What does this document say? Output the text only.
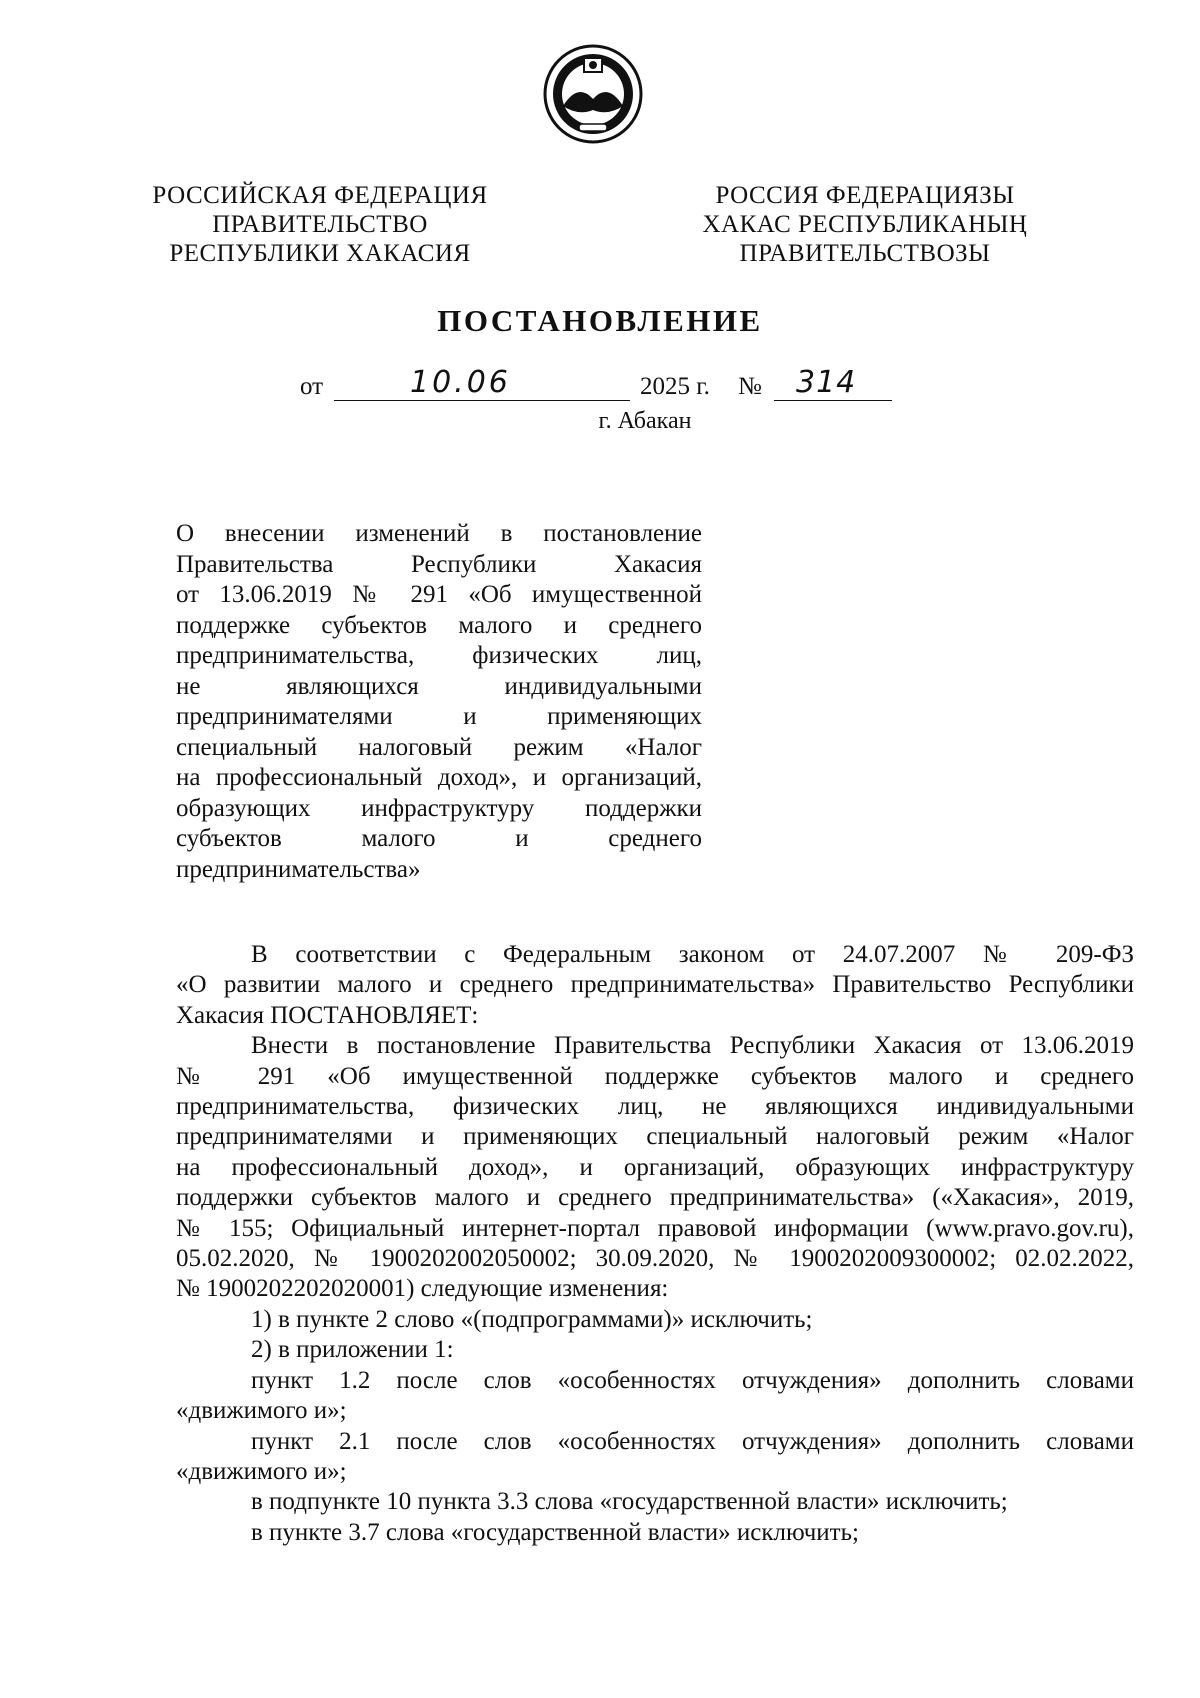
РОССИЙСКАЯ ФЕДЕРАЦИЯ
ПРАВИТЕЛЬСТВО
РЕСПУБЛИКИ ХАКАСИЯ
РОССИЯ ФЕДЕРАЦИЯЗЫ
ХАКАС РЕСПУБЛИКАНЫҢ
ПРАВИТЕЛЬСТВОЗЫ
ПОСТАНОВЛЕНИЕ
от	10.06	2025 г. № 314
г. Абакан
О внесении изменений в постановление
Правительства Республики Хакасия
от 13.06.2019 № 291 «Об имущественной
поддержке субъектов малого и среднего
предпринимательства, физических лиц,
не являющихся индивидуальными
предпринимателями и применяющих
специальный налоговый режим «Налог
на профессиональный доход», и организаций,
образующих инфраструктуру поддержки
субъектов малого и среднего
предпринимательства»
В соответствии с Федеральным законом от 24.07.2007 № 209-ФЗ
«О развитии малого и среднего предпринимательства» Правительство Республики
Хакасия ПОСТАНОВЛЯЕТ:
Внести в постановление Правительства Республики Хакасия от 13.06.2019
№ 291 «Об имущественной поддержке субъектов малого и среднего
предпринимательства, физических лиц, не являющихся индивидуальными
предпринимателями и применяющих специальный налоговый режим «Налог
на профессиональный доход», и организаций, образующих инфраструктуру
поддержки субъектов малого и среднего предпринимательства» («Хакасия», 2019,
№ 155; Официальный интернет-портал правовой информации (www.pravo.gov.ru),
05.02.2020, № 1900202002050002; 30.09.2020, № 1900202009300002; 02.02.2022,
№ 1900202202020001) следующие изменения:
1) в пункте 2 слово «(подпрограммами)» исключить;
2) в приложении 1:
пункт 1.2 после слов «особенностях отчуждения» дополнить словами
«движимого и»;
пункт 2.1 после слов «особенностях отчуждения» дополнить словами
«движимого и»;
в подпункте 10 пункта 3.3 слова «государственной власти» исключить;
в пункте 3.7 слова «государственной власти» исключить;
